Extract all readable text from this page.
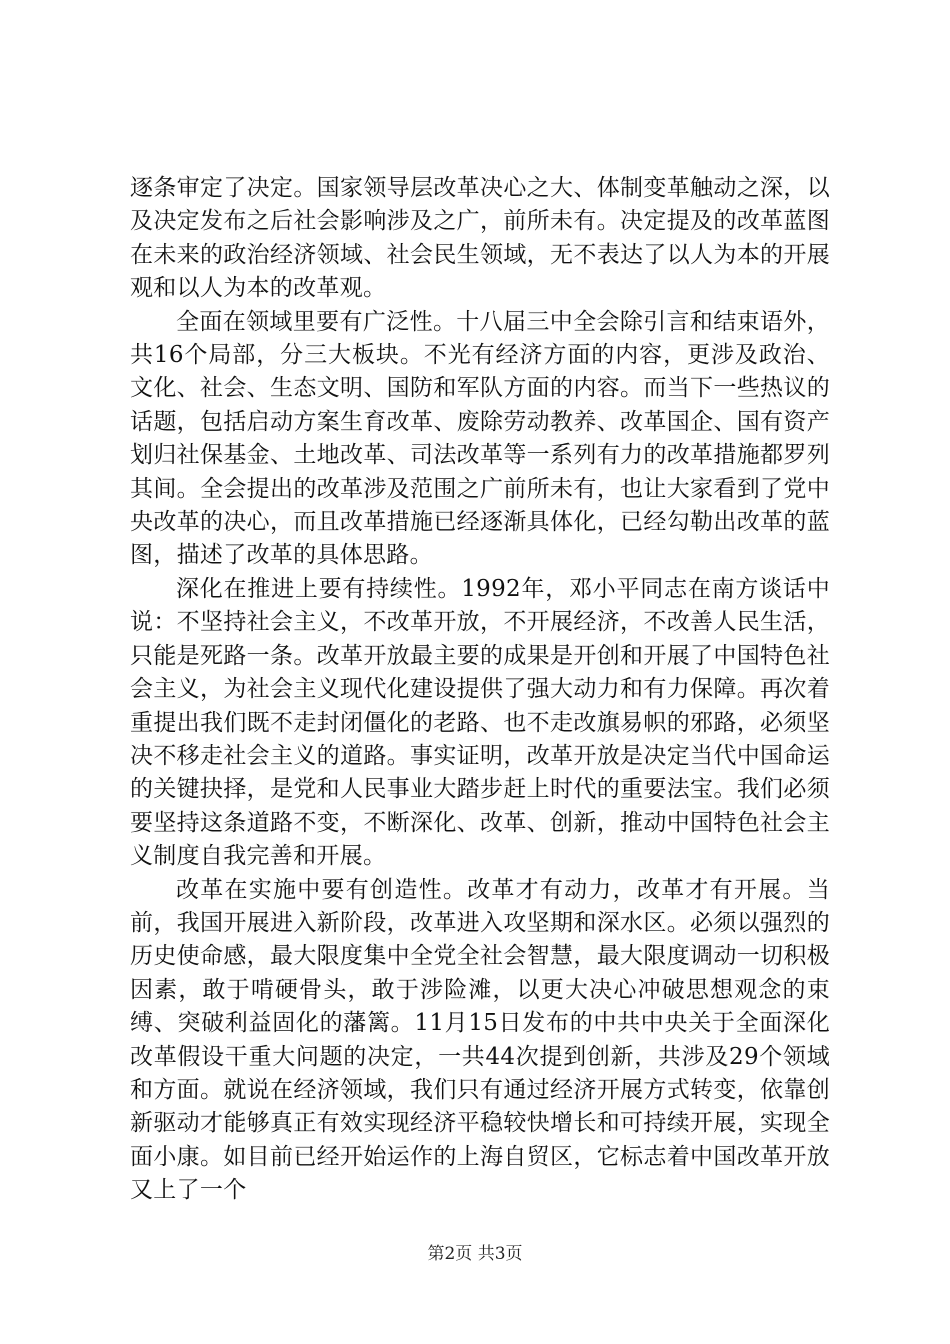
逐条审定了决定。国家领导层改革决心之大、体制变革触动之深，以及决定发布之后社会影响涉及之广，前所未有。决定提及的改革蓝图在未来的政治经济领域、社会民生领域，无不表达了以人为本的开展观和以人为本的改革观。

全面在领域里要有广泛性。十八届三中全会除引言和结束语外，共16个局部，分三大板块。不光有经济方面的内容，更涉及政治、文化、社会、生态文明、国防和军队方面的内容。而当下一些热议的话题，包括启动方案生育改革、废除劳动教养、改革国企、国有资产划归社保基金、土地改革、司法改革等一系列有力的改革措施都罗列其间。全会提出的改革涉及范围之广前所未有，也让大家看到了党中央改革的决心，而且改革措施已经逐渐具体化，已经勾勒出改革的蓝图，描述了改革的具体思路。

深化在推进上要有持续性。1992年，邓小平同志在南方谈话中说：不坚持社会主义，不改革开放，不开展经济，不改善人民生活，只能是死路一条。改革开放最主要的成果是开创和开展了中国特色社会主义，为社会主义现代化建设提供了强大动力和有力保障。再次着重提出我们既不走封闭僵化的老路、也不走改旗易帜的邪路，必须坚决不移走社会主义的道路。事实证明，改革开放是决定当代中国命运的关键抉择，是党和人民事业大踏步赶上时代的重要法宝。我们必须要坚持这条道路不变，不断深化、改革、创新，推动中国特色社会主义制度自我完善和开展。

改革在实施中要有创造性。改革才有动力，改革才有开展。当前，我国开展进入新阶段，改革进入攻坚期和深水区。必须以强烈的历史使命感，最大限度集中全党全社会智慧，最大限度调动一切积极因素，敢于啃硬骨头，敢于涉险滩，以更大决心冲破思想观念的束缚、突破利益固化的藩篱。11月15日发布的中共中央关于全面深化改革假设干重大问题的决定，一共44次提到创新，共涉及29个领域和方面。就说在经济领域，我们只有通过经济开展方式转变，依靠创新驱动才能够真正有效实现经济平稳较快增长和可持续开展，实现全面小康。如目前已经开始运作的上海自贸区，它标志着中国改革开放又上了一个

第2页 共3页
